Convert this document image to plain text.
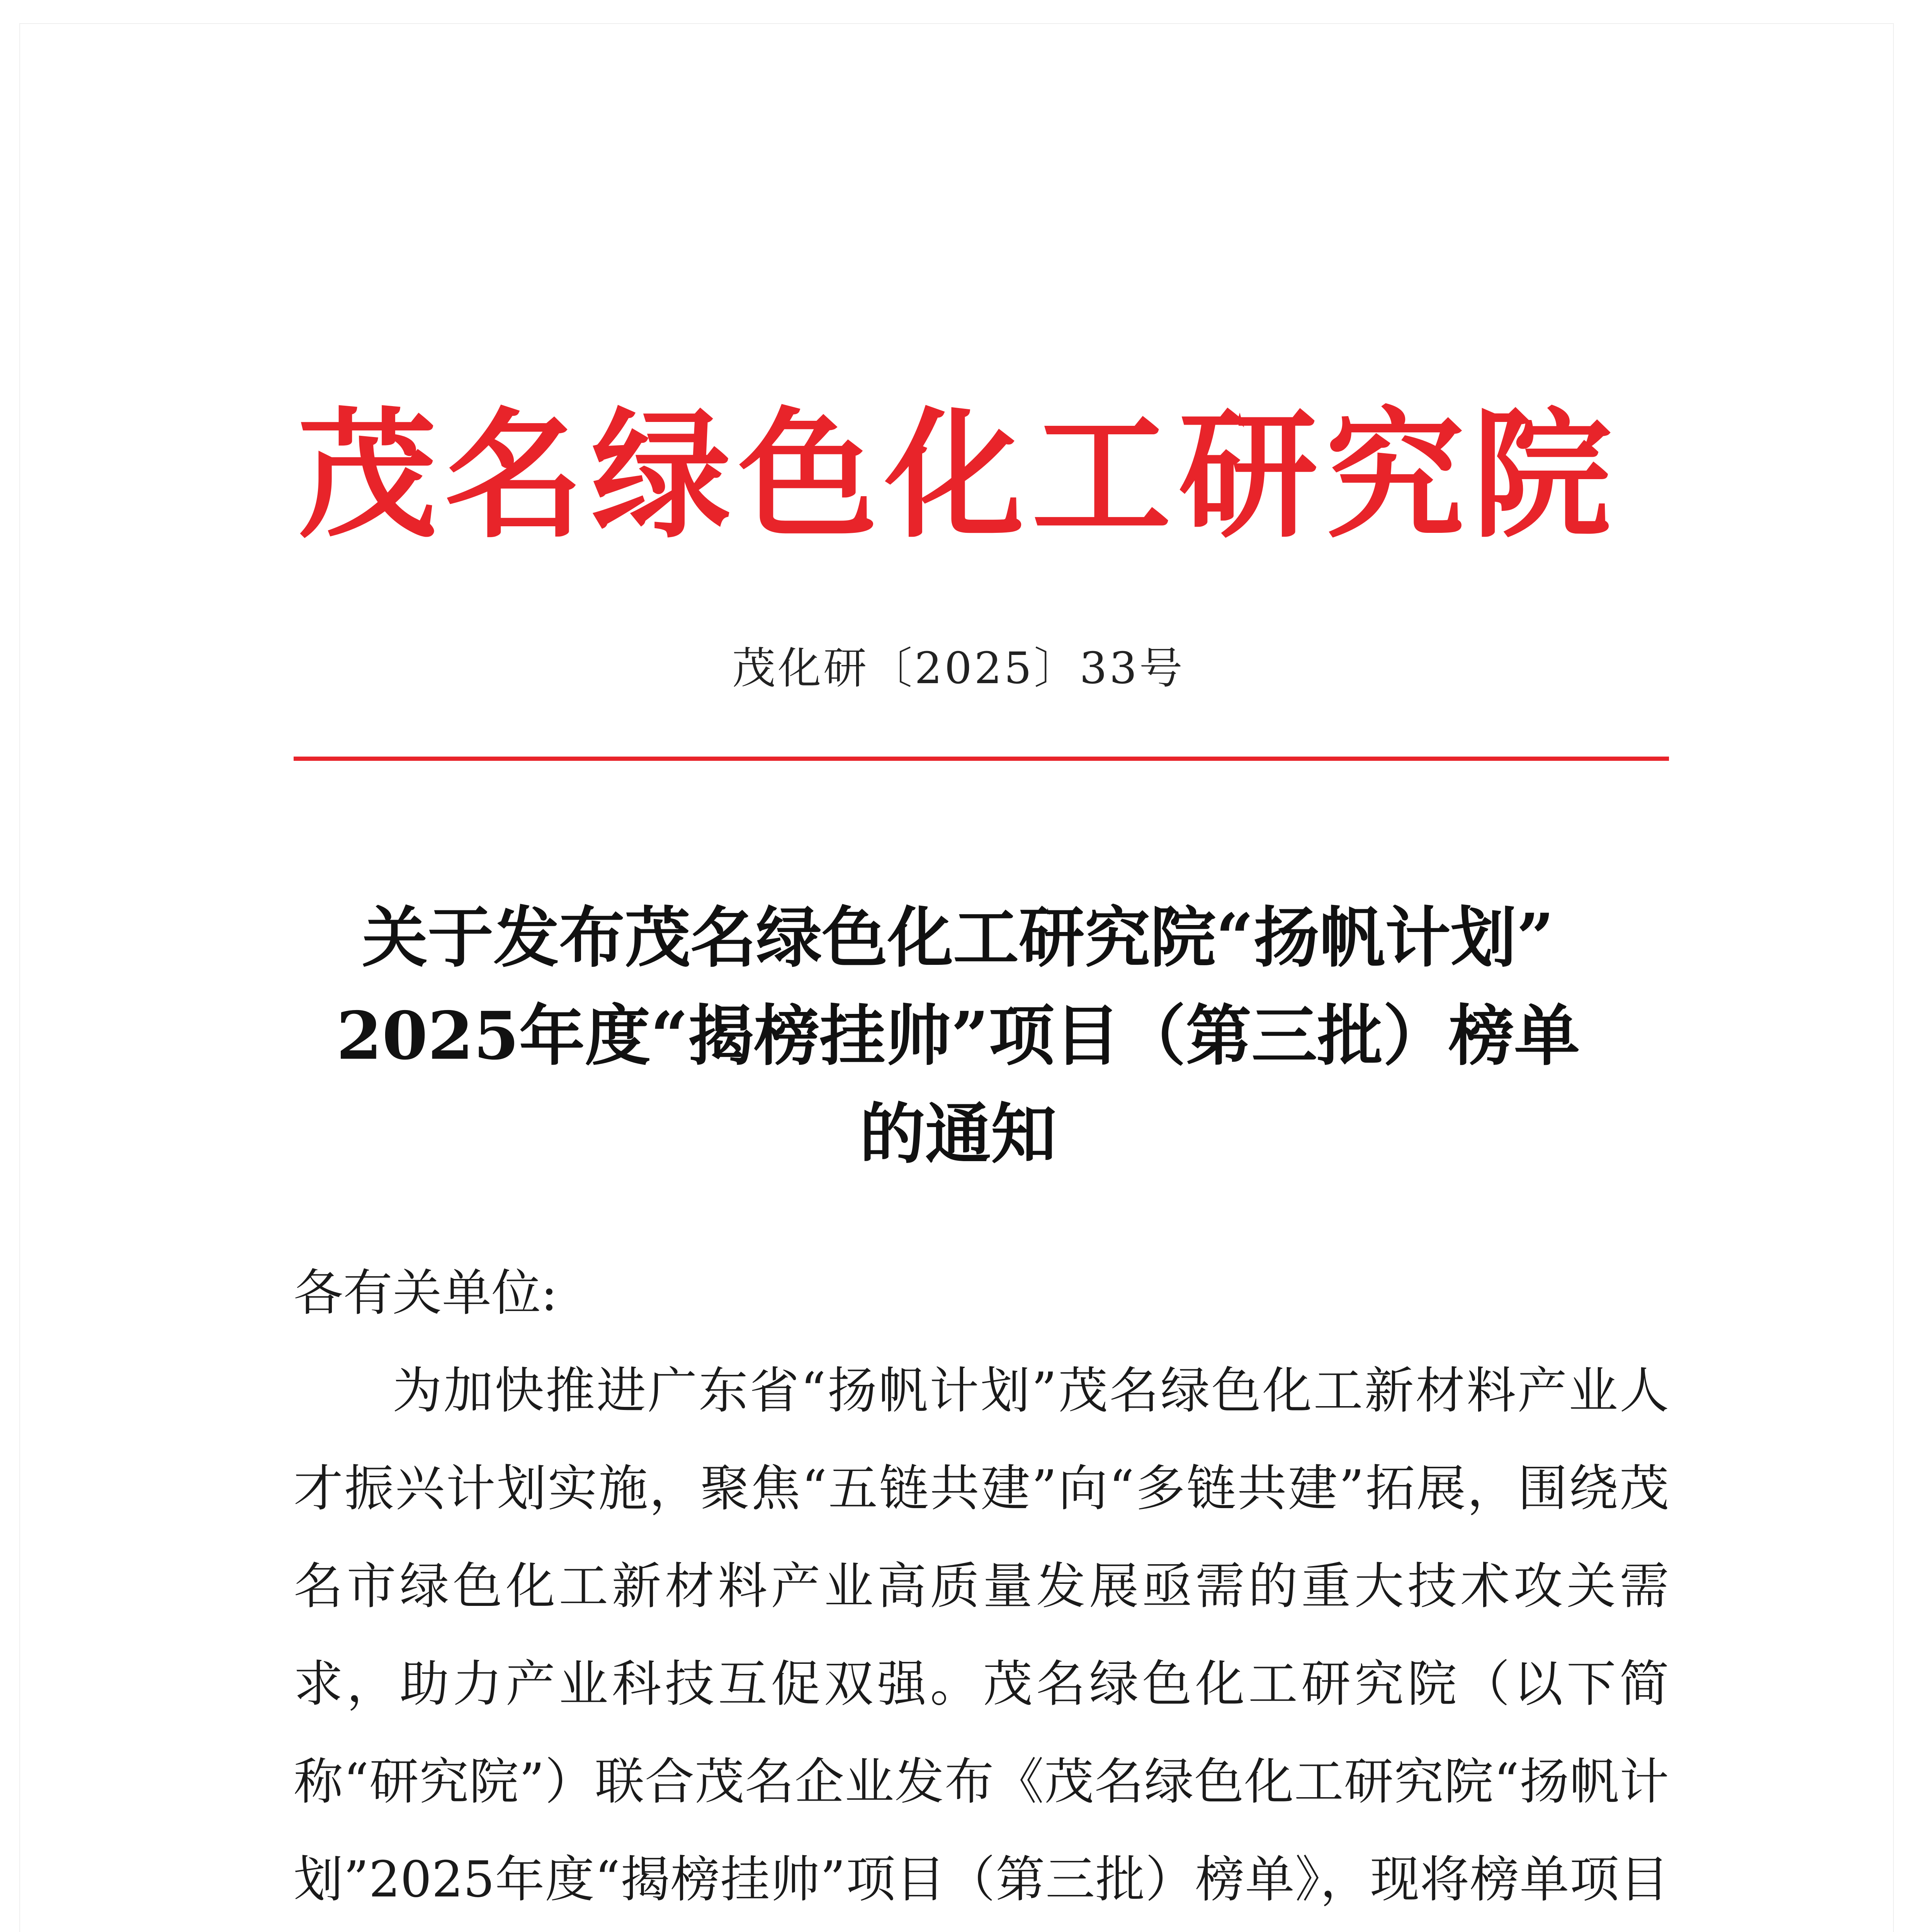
茂名绿色化工研究院
茂化研〔2025〕33号
关于发布茂名绿色化工研究院“扬帆计划”
2025年度“揭榜挂帅”项目（第三批）榜单
的通知

各有关单位:

为加快推进广东省“扬帆计划”茂名绿色化工新材料产业人才振兴计划实施，聚焦“五链共建”向“多链共建”拓展，围绕茂名市绿色化工新材料产业高质量发展亟需的重大技术攻关需求，助力产业科技互促双强。茂名绿色化工研究院（以下简称“研究院”）联合茂名企业发布《茂名绿色化工研究院“扬帆计划”2025年度“揭榜挂帅”项目（第三批）榜单》，现将榜单项目
